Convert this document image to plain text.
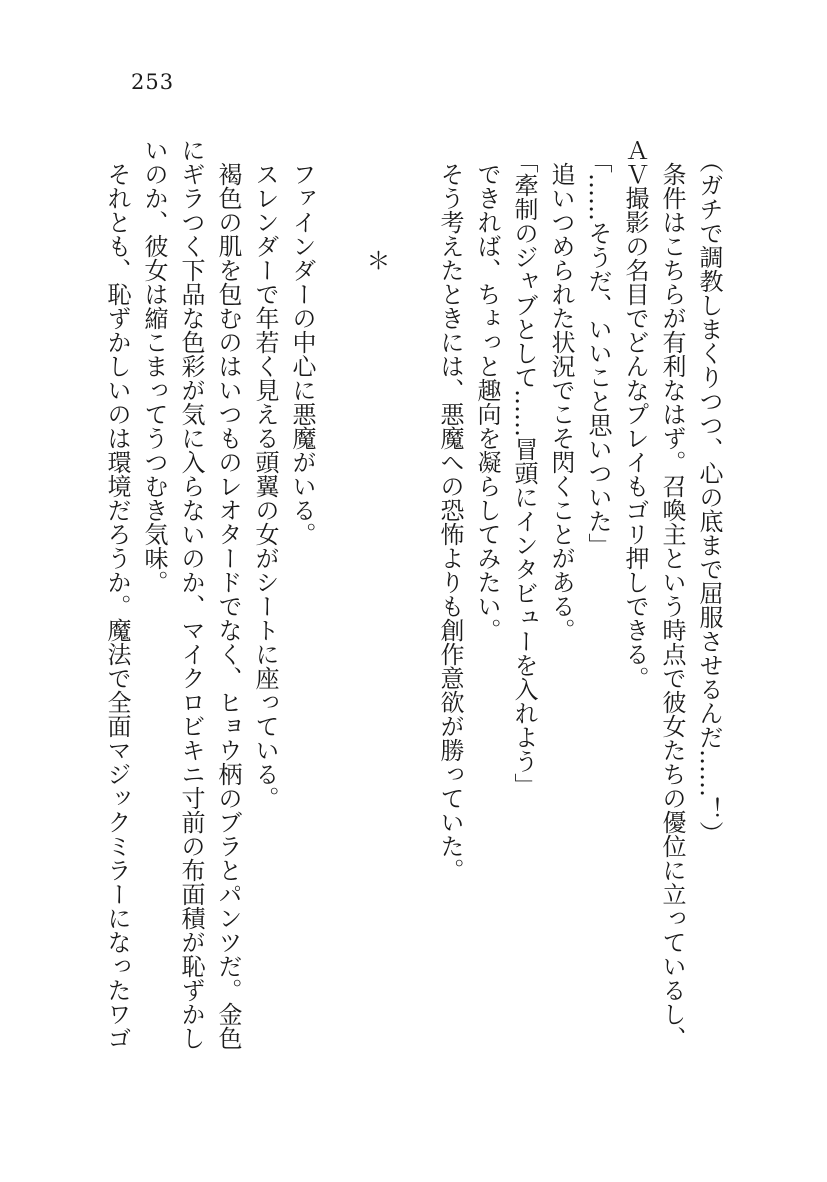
253

（ガチで調教しまくりつつ、心の底まで屈服させるんだ……！）

条件はこちらが有利なはず。召喚主という時点で彼女たちの優位に立っているし、ＡＶ撮影の名目でどんなプレイもゴリ押しできる。

「……そうだ、いいこと思いついた」

追いつめられた状況でこそ閃くことがある。

「牽制のジャブとして……冒頭にインタビューを入れよう」

できれば、ちょっと趣向を凝らしてみたい。

そう考えたときには、悪魔への恐怖よりも創作意欲が勝っていた。

＊

ファインダーの中心に悪魔がいる。

スレンダーで年若く見える頭翼の女がシートに座っている。

褐色の肌を包むのはいつものレオタードでなく、ヒョウ柄のブラとパンツだ。金色にギラつく下品な色彩が気に入らないのか、マイクロビキニ寸前の布面積が恥ずかしいのか、彼女は縮こまってうつむき気味。

それとも、恥ずかしいのは環境だろうか。魔法で全面マジックミラーになったワゴ
